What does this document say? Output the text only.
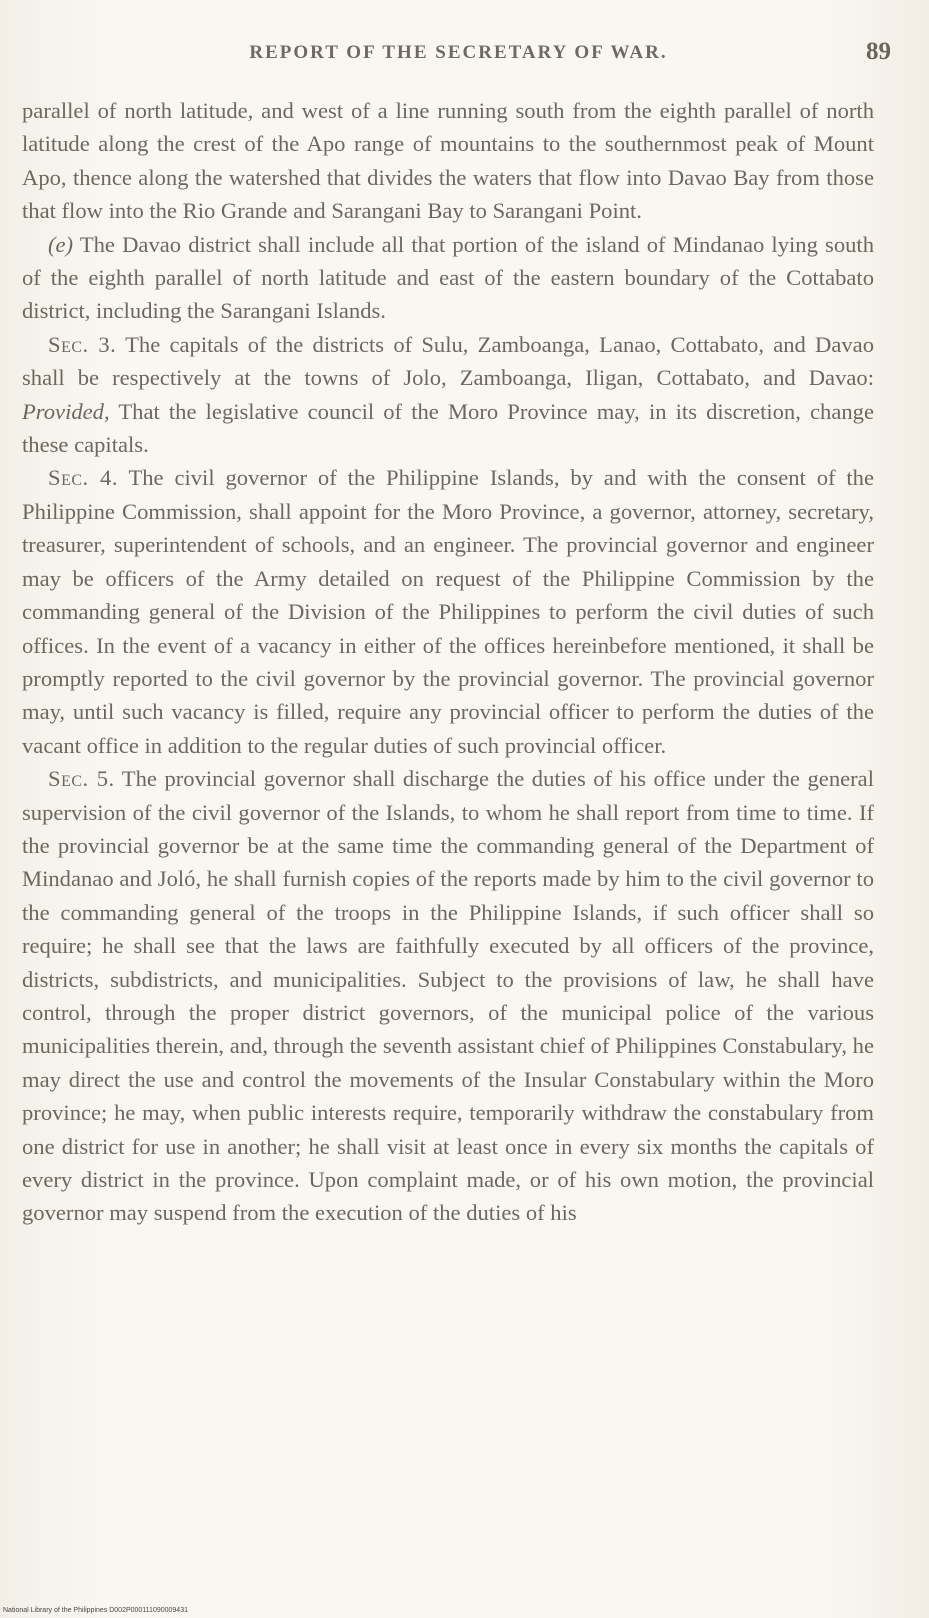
REPORT OF THE SECRETARY OF WAR.	89

parallel of north latitude, and west of a line running south from the eighth parallel of north latitude along the crest of the Apo range of mountains to the southernmost peak of Mount Apo, thence along the watershed that divides the waters that flow into Davao Bay from those that flow into the Rio Grande and Sarangani Bay to Sarangani Point.

(e) The Davao district shall include all that portion of the island of Mindanao lying south of the eighth parallel of north latitude and east of the eastern boundary of the Cottabato district, including the Sarangani Islands.

Sec. 3. The capitals of the districts of Sulu, Zamboanga, Lanao, Cottabato, and Davao shall be respectively at the towns of Jolo, Zamboanga, Iligan, Cottabato, and Davao: Provided, That the legislative council of the Moro Province may, in its discretion, change these capitals.

Sec. 4. The civil governor of the Philippine Islands, by and with the consent of the Philippine Commission, shall appoint for the Moro Province, a governor, attorney, secretary, treasurer, superintendent of schools, and an engineer. The provincial governor and engineer may be officers of the Army detailed on request of the Philippine Commission by the commanding general of the Division of the Philippines to perform the civil duties of such offices. In the event of a vacancy in either of the offices hereinbefore mentioned, it shall be promptly reported to the civil governor by the provincial governor. The provincial governor may, until such vacancy is filled, require any provincial officer to perform the duties of the vacant office in addition to the regular duties of such provincial officer.

Sec. 5. The provincial governor shall discharge the duties of his office under the general supervision of the civil governor of the Islands, to whom he shall report from time to time. If the provincial governor be at the same time the commanding general of the Department of Mindanao and Joló, he shall furnish copies of the reports made by him to the civil governor to the commanding general of the troops in the Philippine Islands, if such officer shall so require; he shall see that the laws are faithfully executed by all officers of the province, districts, subdistricts, and municipalities. Subject to the provisions of law, he shall have control, through the proper district governors, of the municipal police of the various municipalities therein, and, through the seventh assistant chief of Philippines Constabulary, he may direct the use and control the movements of the Insular Constabulary within the Moro province; he may, when public interests require, temporarily withdraw the constabulary from one district for use in another; he shall visit at least once in every six months the capitals of every district in the province. Upon complaint made, or of his own motion, the provincial governor may suspend from the execution of the duties of his

National Library of the Philippines D002P000111090009431
